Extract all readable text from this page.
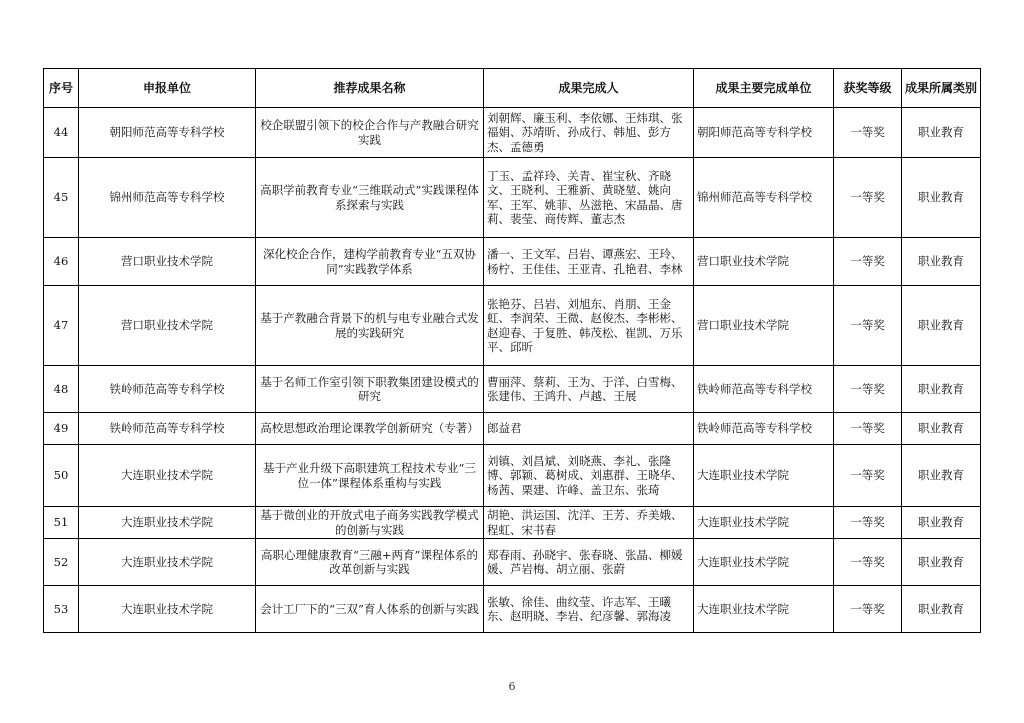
序号	申报单位	推荐成果名称	成果完成人	成果主要完成单位	获奖等级	成果所属类别
44	朝阳师范高等专科学校	校企联盟引领下的校企合作与产教融合研究实践	刘朝辉、廉玉利、李依娜、王炜琪、张福娟、苏靖昕、孙成行、韩旭、彭方杰、孟德勇	朝阳师范高等专科学校	一等奖	职业教育
45	锦州师范高等专科学校	高职学前教育专业“三维联动式”实践课程体系探索与实践	丁玉、孟祥玲、关青、崔宝秋、齐晓文、王晓利、王雅新、黄晓堃、姚向军、王军、姚菲、丛滋艳、宋晶晶、唐莉、裴莹、商传辉、董志杰	锦州师范高等专科学校	一等奖	职业教育
46	营口职业技术学院	深化校企合作，建构学前教育专业“五双协同”实践教学体系	潘一、王文军、吕岩、谭燕宏、王玲、杨柠、王佳佳、王亚青、孔艳君、李林	营口职业技术学院	一等奖	职业教育
47	营口职业技术学院	基于产教融合背景下的机与电专业融合式发展的实践研究	张艳芬、吕岩、刘旭东、肖朋、王金虹、李润荣、王微、赵俊杰、李彬彬、赵迎春、于复胜、韩茂松、崔凯、万乐平、邱昕	营口职业技术学院	一等奖	职业教育
48	铁岭师范高等专科学校	基于名师工作室引领下职教集团建设模式的研究	曹丽萍、蔡莉、王为、于洋、白雪梅、张建伟、王鸿升、卢越、王展	铁岭师范高等专科学校	一等奖	职业教育
49	铁岭师范高等专科学校	高校思想政治理论课教学创新研究（专著）	郎益君	铁岭师范高等专科学校	一等奖	职业教育
50	大连职业技术学院	基于产业升级下高职建筑工程技术专业“三位一体”课程体系重构与实践	刘镇、刘昌斌、刘晓燕、李礼、张隆博、郭颖、葛树成、刘惠群、王晓华、杨茜、栗建、许峰、盖卫东、张琦	大连职业技术学院	一等奖	职业教育
51	大连职业技术学院	基于微创业的开放式电子商务实践教学模式的创新与实践	胡艳、洪运国、沈洋、王芳、乔美娥、程虹、宋书春	大连职业技术学院	一等奖	职业教育
52	大连职业技术学院	高职心理健康教育“三融+两育”课程体系的改革创新与实践	郑春雨、孙晓宇、张春晓、张晶、柳媛媛、芦岩梅、胡立丽、张蔚	大连职业技术学院	一等奖	职业教育
53	大连职业技术学院	会计工厂下的“三双”育人体系的创新与实践	张敏、徐佳、曲纹莹、许志军、王曦东、赵明晓、李岩、纪彦馨、郭海凌	大连职业技术学院	一等奖	职业教育
6
